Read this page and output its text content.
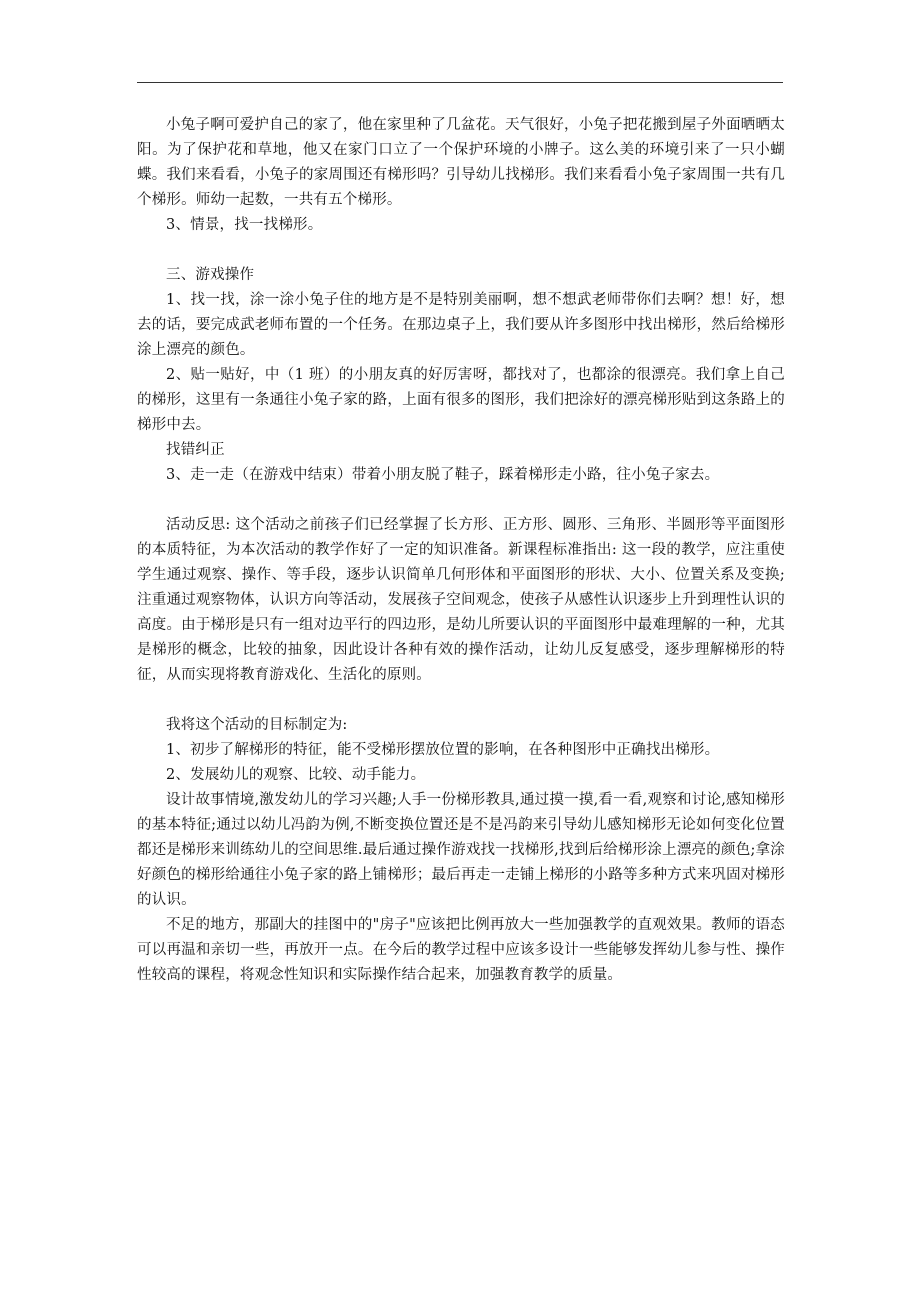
小兔子啊可爱护自己的家了，他在家里种了几盆花。天气很好，小兔子把花搬到屋子外面晒晒太阳。为了保护花和草地，他又在家门口立了一个保护环境的小牌子。这么美的环境引来了一只小蝴蝶。我们来看看，小兔子的家周围还有梯形吗？引导幼儿找梯形。我们来看看小兔子家周围一共有几个梯形。师幼一起数，一共有五个梯形。

3、情景，找一找梯形。

三、游戏操作

1、找一找，涂一涂小兔子住的地方是不是特别美丽啊，想不想武老师带你们去啊？想！好，想去的话，要完成武老师布置的一个任务。在那边桌子上，我们要从许多图形中找出梯形，然后给梯形涂上漂亮的颜色。

2、贴一贴好，中（1 班）的小朋友真的好厉害呀，都找对了，也都涂的很漂亮。我们拿上自己的梯形，这里有一条通往小兔子家的路，上面有很多的图形，我们把涂好的漂亮梯形贴到这条路上的梯形中去。

找错纠正

3、走一走（在游戏中结束）带着小朋友脱了鞋子，踩着梯形走小路，往小兔子家去。

活动反思: 这个活动之前孩子们已经掌握了长方形、正方形、圆形、三角形、半圆形等平面图形的本质特征，为本次活动的教学作好了一定的知识准备。新课程标准指出: 这一段的教学，应注重使学生通过观察、操作、等手段，逐步认识简单几何形体和平面图形的形状、大小、位置关系及变换;注重通过观察物体，认识方向等活动，发展孩子空间观念，使孩子从感性认识逐步上升到理性认识的高度。由于梯形是只有一组对边平行的四边形，是幼儿所要认识的平面图形中最难理解的一种，尤其是梯形的概念，比较的抽象，因此设计各种有效的操作活动，让幼儿反复感受，逐步理解梯形的特征，从而实现将教育游戏化、生活化的原则。

我将这个活动的目标制定为:

1、初步了解梯形的特征，能不受梯形摆放位置的影响，在各种图形中正确找出梯形。

2、发展幼儿的观察、比较、动手能力。

设计故事情境,激发幼儿的学习兴趣;人手一份梯形教具,通过摸一摸,看一看,观察和讨论,感知梯形的基本特征;通过以幼儿冯韵为例,不断变换位置还是不是冯韵来引导幼儿感知梯形无论如何变化位置都还是梯形来训练幼儿的空间思维.最后通过操作游戏找一找梯形,找到后给梯形涂上漂亮的颜色;拿涂好颜色的梯形给通往小兔子家的路上铺梯形；最后再走一走铺上梯形的小路等多种方式来巩固对梯形的认识。

不足的地方，那副大的挂图中的"房子"应该把比例再放大一些加强教学的直观效果。教师的语态可以再温和亲切一些，再放开一点。在今后的教学过程中应该多设计一些能够发挥幼儿参与性、操作性较高的课程，将观念性知识和实际操作结合起来，加强教育教学的质量。
